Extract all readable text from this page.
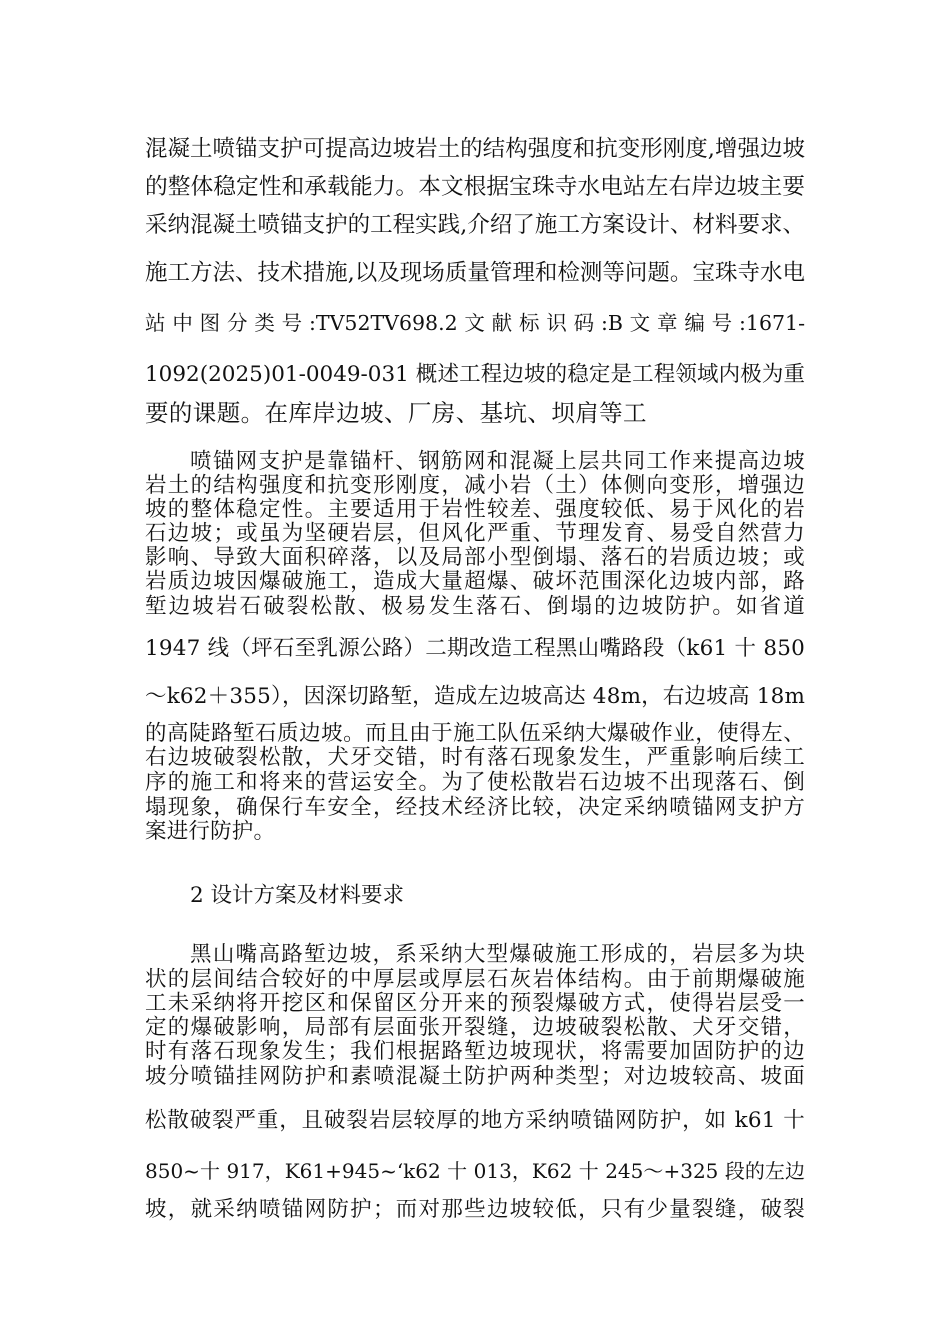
混凝土喷锚支护可提高边坡岩土的结构强度和抗变形刚度,增强边坡
的整体稳定性和承载能力。本文根据宝珠寺水电站左右岸边坡主要
采纳混凝土喷锚支护的工程实践,介绍了施工方案设计、材料要求、
施工方法、技术措施,以及现场质量管理和检测等问题。宝珠寺水电
站 中 图 分 类 号 :TV52TV698.2 文 献 标 识 码 :B 文 章 编 号 :1671-
1092(2025)01-0049-031 概述工程边坡的稳定是工程领域内极为重
要的课题。在库岸边坡、厂房、基坑、坝肩等工
喷锚网支护是靠锚杆、钢筋网和混凝上层共同工作来提高边坡
岩土的结构强度和抗变形刚度，减小岩（土）体侧向变形，增强边
坡的整体稳定性。主要适用于岩性较差、强度较低、易于风化的岩
石边坡；或虽为坚硬岩层，但风化严重、节理发育、易受自然营力
影响、导致大面积碎落，以及局部小型倒塌、落石的岩质边坡；或
岩质边坡因爆破施工，造成大量超爆、破坏范围深化边坡内部，路
堑边坡岩石破裂松散、极易发生落石、倒塌的边坡防护。如省道
1947 线（坪石至乳源公路）二期改造工程黑山嘴路段（k61 十 850
～k62＋355），因深切路堑，造成左边坡高达 48m，右边坡高 18m
的高陡路堑石质边坡。而且由于施工队伍采纳大爆破作业，使得左、
右边坡破裂松散，犬牙交错，时有落石现象发生，严重影响后续工
序的施工和将来的营运安全。为了使松散岩石边坡不出现落石、倒
塌现象，确保行车安全，经技术经济比较，决定采纳喷锚网支护方
案进行防护。
2 设计方案及材料要求
黑山嘴高路堑边坡，系采纳大型爆破施工形成的，岩层多为块
状的层间结合较好的中厚层或厚层石灰岩体结构。由于前期爆破施
工未采纳将开挖区和保留区分开来的预裂爆破方式，使得岩层受一
定的爆破影响，局部有层面张开裂缝，边坡破裂松散、犬牙交错，
时有落石现象发生；我们根据路堑边坡现状，将需要加固防护的边
坡分喷锚挂网防护和素喷混凝土防护两种类型；对边坡较高、坡面
松散破裂严重，且破裂岩层较厚的地方采纳喷锚网防护，如 k61 十
850~十 917，K61+945~‘k62 十 013，K62 十 245～+325 段的左边
坡，就采纳喷锚网防护；而对那些边坡较低，只有少量裂缝，破裂
